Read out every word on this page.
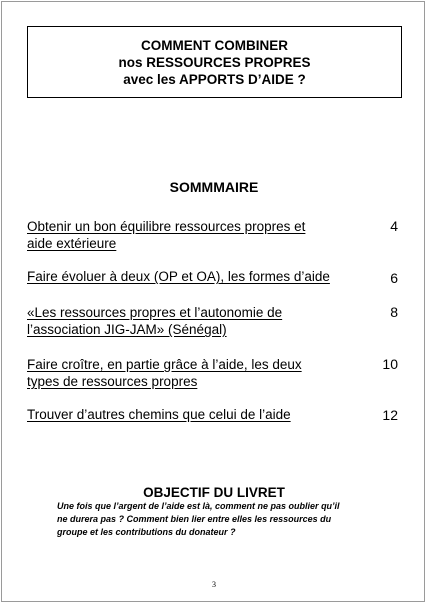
COMMENT COMBINER
nos RESSOURCES PROPRES
avec les APPORTS D’AIDE ?
SOMMMAIRE
Obtenir un bon équilibre ressources propres et
aide extérieure
4
Faire évoluer à deux (OP et OA), les formes d’aide	6
«Les ressources propres et l’autonomie de
l’association JIG-JAM» (Sénégal)
8
Faire croître, en partie grâce à l’aide, les deux
types de ressources propres
10
Trouver d’autres chemins que celui de l’aide	12
OBJECTIF DU LIVRET
Une fois que l’argent de l’aide est là, comment ne pas oublier qu’il
ne durera pas ? Comment bien lier entre elles les ressources du
groupe et les contributions du donateur ?
3
